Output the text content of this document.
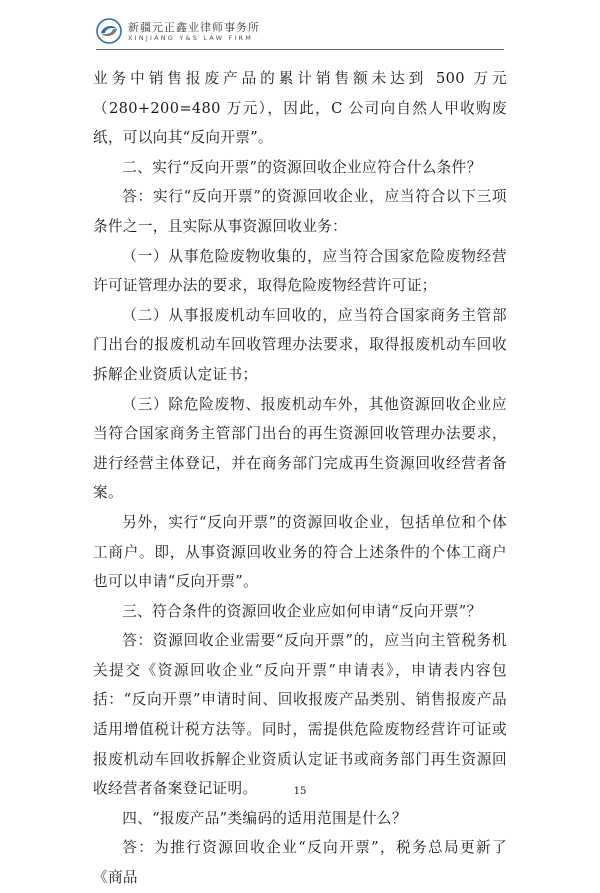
新疆元正鑫业律师事务所
XINJIANG Y&S LAW FIRM

业务中销售报废产品的累计销售额未达到 500 万元（280+200=480 万元），因此，C 公司向自然人甲收购废纸，可以向其“反向开票”。

二、实行“反向开票”的资源回收企业应符合什么条件？

答：实行“反向开票”的资源回收企业，应当符合以下三项条件之一，且实际从事资源回收业务：

（一）从事危险废物收集的，应当符合国家危险废物经营许可证管理办法的要求，取得危险废物经营许可证；

（二）从事报废机动车回收的，应当符合国家商务主管部门出台的报废机动车回收管理办法要求，取得报废机动车回收拆解企业资质认定证书；

（三）除危险废物、报废机动车外，其他资源回收企业应当符合国家商务主管部门出台的再生资源回收管理办法要求，进行经营主体登记，并在商务部门完成再生资源回收经营者备案。

另外，实行“反向开票”的资源回收企业，包括单位和个体工商户。即，从事资源回收业务的符合上述条件的个体工商户也可以申请“反向开票”。

三、符合条件的资源回收企业应如何申请“反向开票”？

答：资源回收企业需要“反向开票”的，应当向主管税务机关提交《资源回收企业“反向开票”申请表》，申请表内容包括：“反向开票”申请时间、回收报废产品类别、销售报废产品适用增值税计税方法等。同时，需提供危险废物经营许可证或报废机动车回收拆解企业资质认定证书或商务部门再生资源回收经营者备案登记证明。

四、“报废产品”类编码的适用范围是什么？

答：为推行资源回收企业“反向开票”，税务总局更新了《商品

15
